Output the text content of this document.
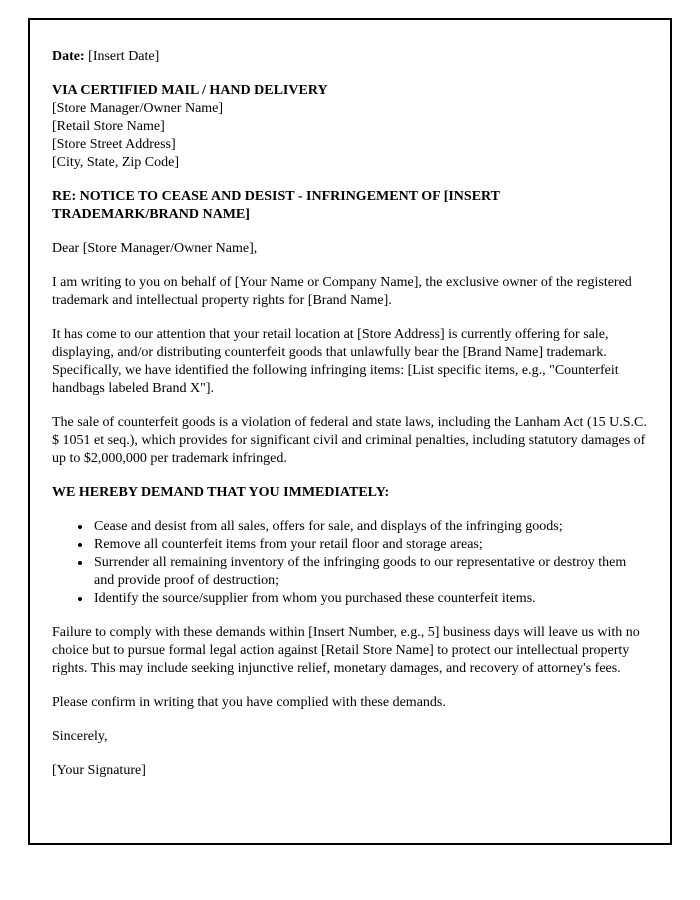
Date: [Insert Date]

VIA CERTIFIED MAIL / HAND DELIVERY
[Store Manager/Owner Name]
[Retail Store Name]
[Store Street Address]
[City, State, Zip Code]

RE: NOTICE TO CEASE AND DESIST - INFRINGEMENT OF [INSERT TRADEMARK/BRAND NAME]

Dear [Store Manager/Owner Name],

I am writing to you on behalf of [Your Name or Company Name], the exclusive owner of the registered trademark and intellectual property rights for [Brand Name].

It has come to our attention that your retail location at [Store Address] is currently offering for sale, displaying, and/or distributing counterfeit goods that unlawfully bear the [Brand Name] trademark. Specifically, we have identified the following infringing items: [List specific items, e.g., "Counterfeit handbags labeled Brand X"].

The sale of counterfeit goods is a violation of federal and state laws, including the Lanham Act (15 U.S.C. $ 1051 et seq.), which provides for significant civil and criminal penalties, including statutory damages of up to $2,000,000 per trademark infringed.

WE HEREBY DEMAND THAT YOU IMMEDIATELY:

• Cease and desist from all sales, offers for sale, and displays of the infringing goods;
• Remove all counterfeit items from your retail floor and storage areas;
• Surrender all remaining inventory of the infringing goods to our representative or destroy them and provide proof of destruction;
• Identify the source/supplier from whom you purchased these counterfeit items.

Failure to comply with these demands within [Insert Number, e.g., 5] business days will leave us with no choice but to pursue formal legal action against [Retail Store Name] to protect our intellectual property rights. This may include seeking injunctive relief, monetary damages, and recovery of attorney's fees.

Please confirm in writing that you have complied with these demands.

Sincerely,

[Your Signature]
